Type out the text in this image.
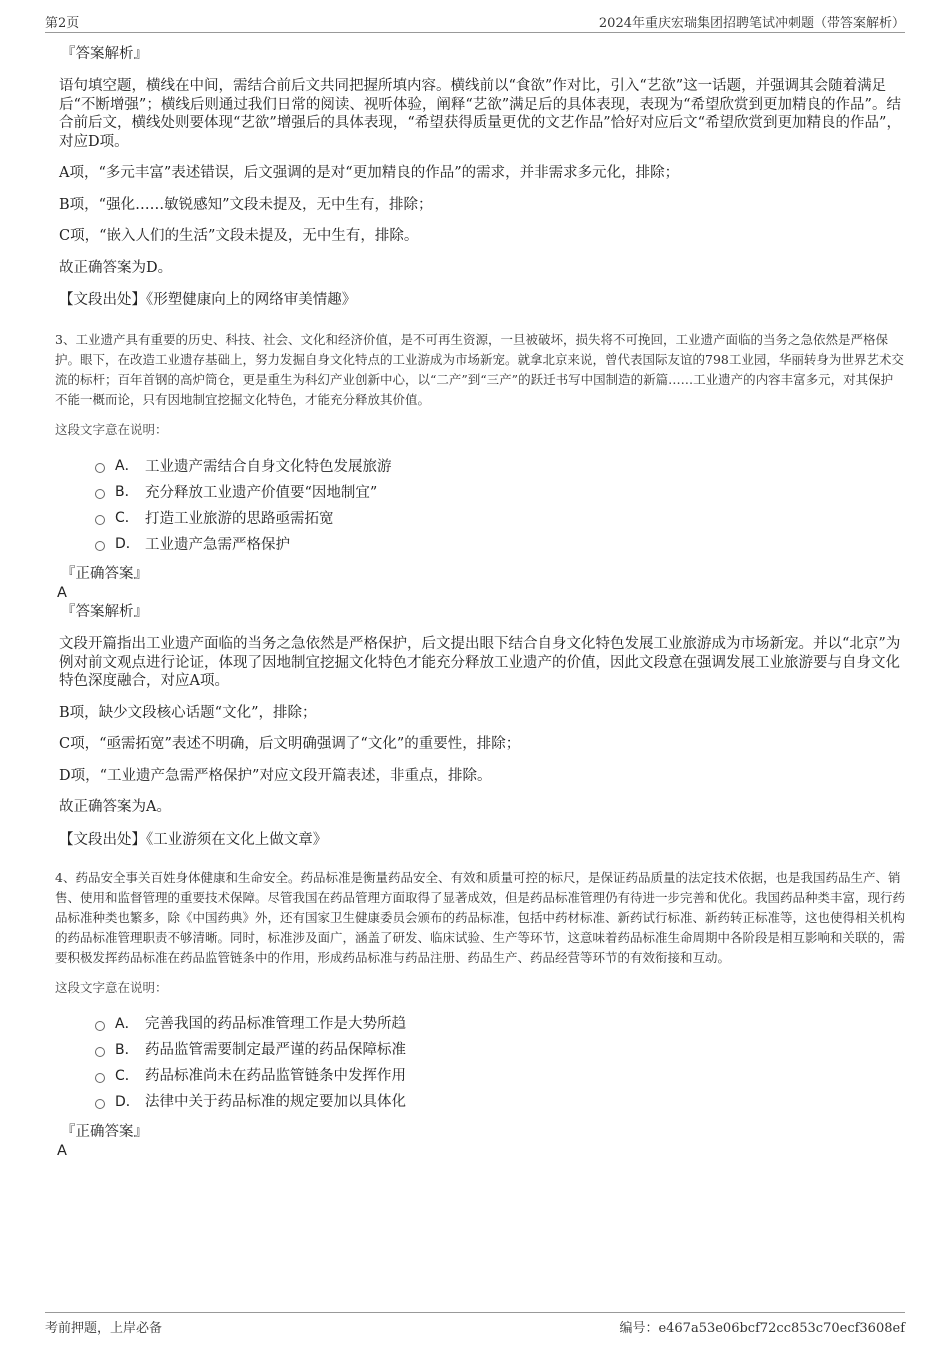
第2页	2024年重庆宏瑞集团招聘笔试冲刺题（带答案解析）
『答案解析』
语句填空题，横线在中间，需结合前后文共同把握所填内容。横线前以“食欲”作对比，引入“艺欲”这一话题，并强调其会随着满足后“不断增强”；横线后则通过我们日常的阅读、视听体验，阐释“艺欲”满足后的具体表现，表现为“希望欣赏到更加精良的作品”。结合前后文，横线处则要体现“艺欲”增强后的具体表现，“希望获得质量更优的文艺作品”恰好对应后文“希望欣赏到更加精良的作品”，对应D项。
A项，“多元丰富”表述错误，后文强调的是对“更加精良的作品”的需求，并非需求多元化，排除；
B项，“强化……敏锐感知”文段未提及，无中生有，排除；
C项，“嵌入人们的生活”文段未提及，无中生有，排除。
故正确答案为D。
【文段出处】《形塑健康向上的网络审美情趣》
3、工业遗产具有重要的历史、科技、社会、文化和经济价值，是不可再生资源，一旦被破坏，损失将不可挽回，工业遗产面临的当务之急依然是严格保护。眼下，在改造工业遗存基础上，努力发掘自身文化特点的工业游成为市场新宠。就拿北京来说，曾代表国际友谊的798工业园，华丽转身为世界艺术交流的标杆；百年首钢的高炉筒仓，更是重生为科幻产业创新中心，以“二产”到“三产”的跃迁书写中国制造的新篇……工业遗产的内容丰富多元，对其保护不能一概而论，只有因地制宜挖掘文化特色，才能充分释放其价值。
这段文字意在说明：
A． 工业遗产需结合自身文化特色发展旅游
B． 充分释放工业遗产价值要“因地制宜”
C． 打造工业旅游的思路亟需拓宽
D． 工业遗产急需严格保护
『正确答案』
A
『答案解析』
文段开篇指出工业遗产面临的当务之急依然是严格保护，后文提出眼下结合自身文化特色发展工业旅游成为市场新宠。并以“北京”为例对前文观点进行论证，体现了因地制宜挖掘文化特色才能充分释放工业遗产的价值，因此文段意在强调发展工业旅游要与自身文化特色深度融合，对应A项。
B项，缺少文段核心话题“文化”，排除；
C项，“亟需拓宽”表述不明确，后文明确强调了“文化”的重要性，排除；
D项，“工业遗产急需严格保护”对应文段开篇表述，非重点，排除。
故正确答案为A。
【文段出处】《工业游须在文化上做文章》
4、药品安全事关百姓身体健康和生命安全。药品标准是衡量药品安全、有效和质量可控的标尺，是保证药品质量的法定技术依据，也是我国药品生产、销售、使用和监督管理的重要技术保障。尽管我国在药品管理方面取得了显著成效，但是药品标准管理仍有待进一步完善和优化。我国药品种类丰富，现行药品标准种类也繁多，除《中国药典》外，还有国家卫生健康委员会颁布的药品标准，包括中药材标准、新药试行标准、新药转正标准等，这也使得相关机构的药品标准管理职责不够清晰。同时，标准涉及面广，涵盖了研发、临床试验、生产等环节，这意味着药品标准生命周期中各阶段是相互影响和关联的，需要积极发挥药品标准在药品监管链条中的作用，形成药品标准与药品注册、药品生产、药品经营等环节的有效衔接和互动。
这段文字意在说明：
A． 完善我国的药品标准管理工作是大势所趋
B． 药品监管需要制定最严谨的药品保障标准
C． 药品标准尚未在药品监管链条中发挥作用
D． 法律中关于药品标准的规定要加以具体化
『正确答案』
A
考前押题，上岸必备	编号：e467a53e06bcf72cc853c70ecf3608ef
